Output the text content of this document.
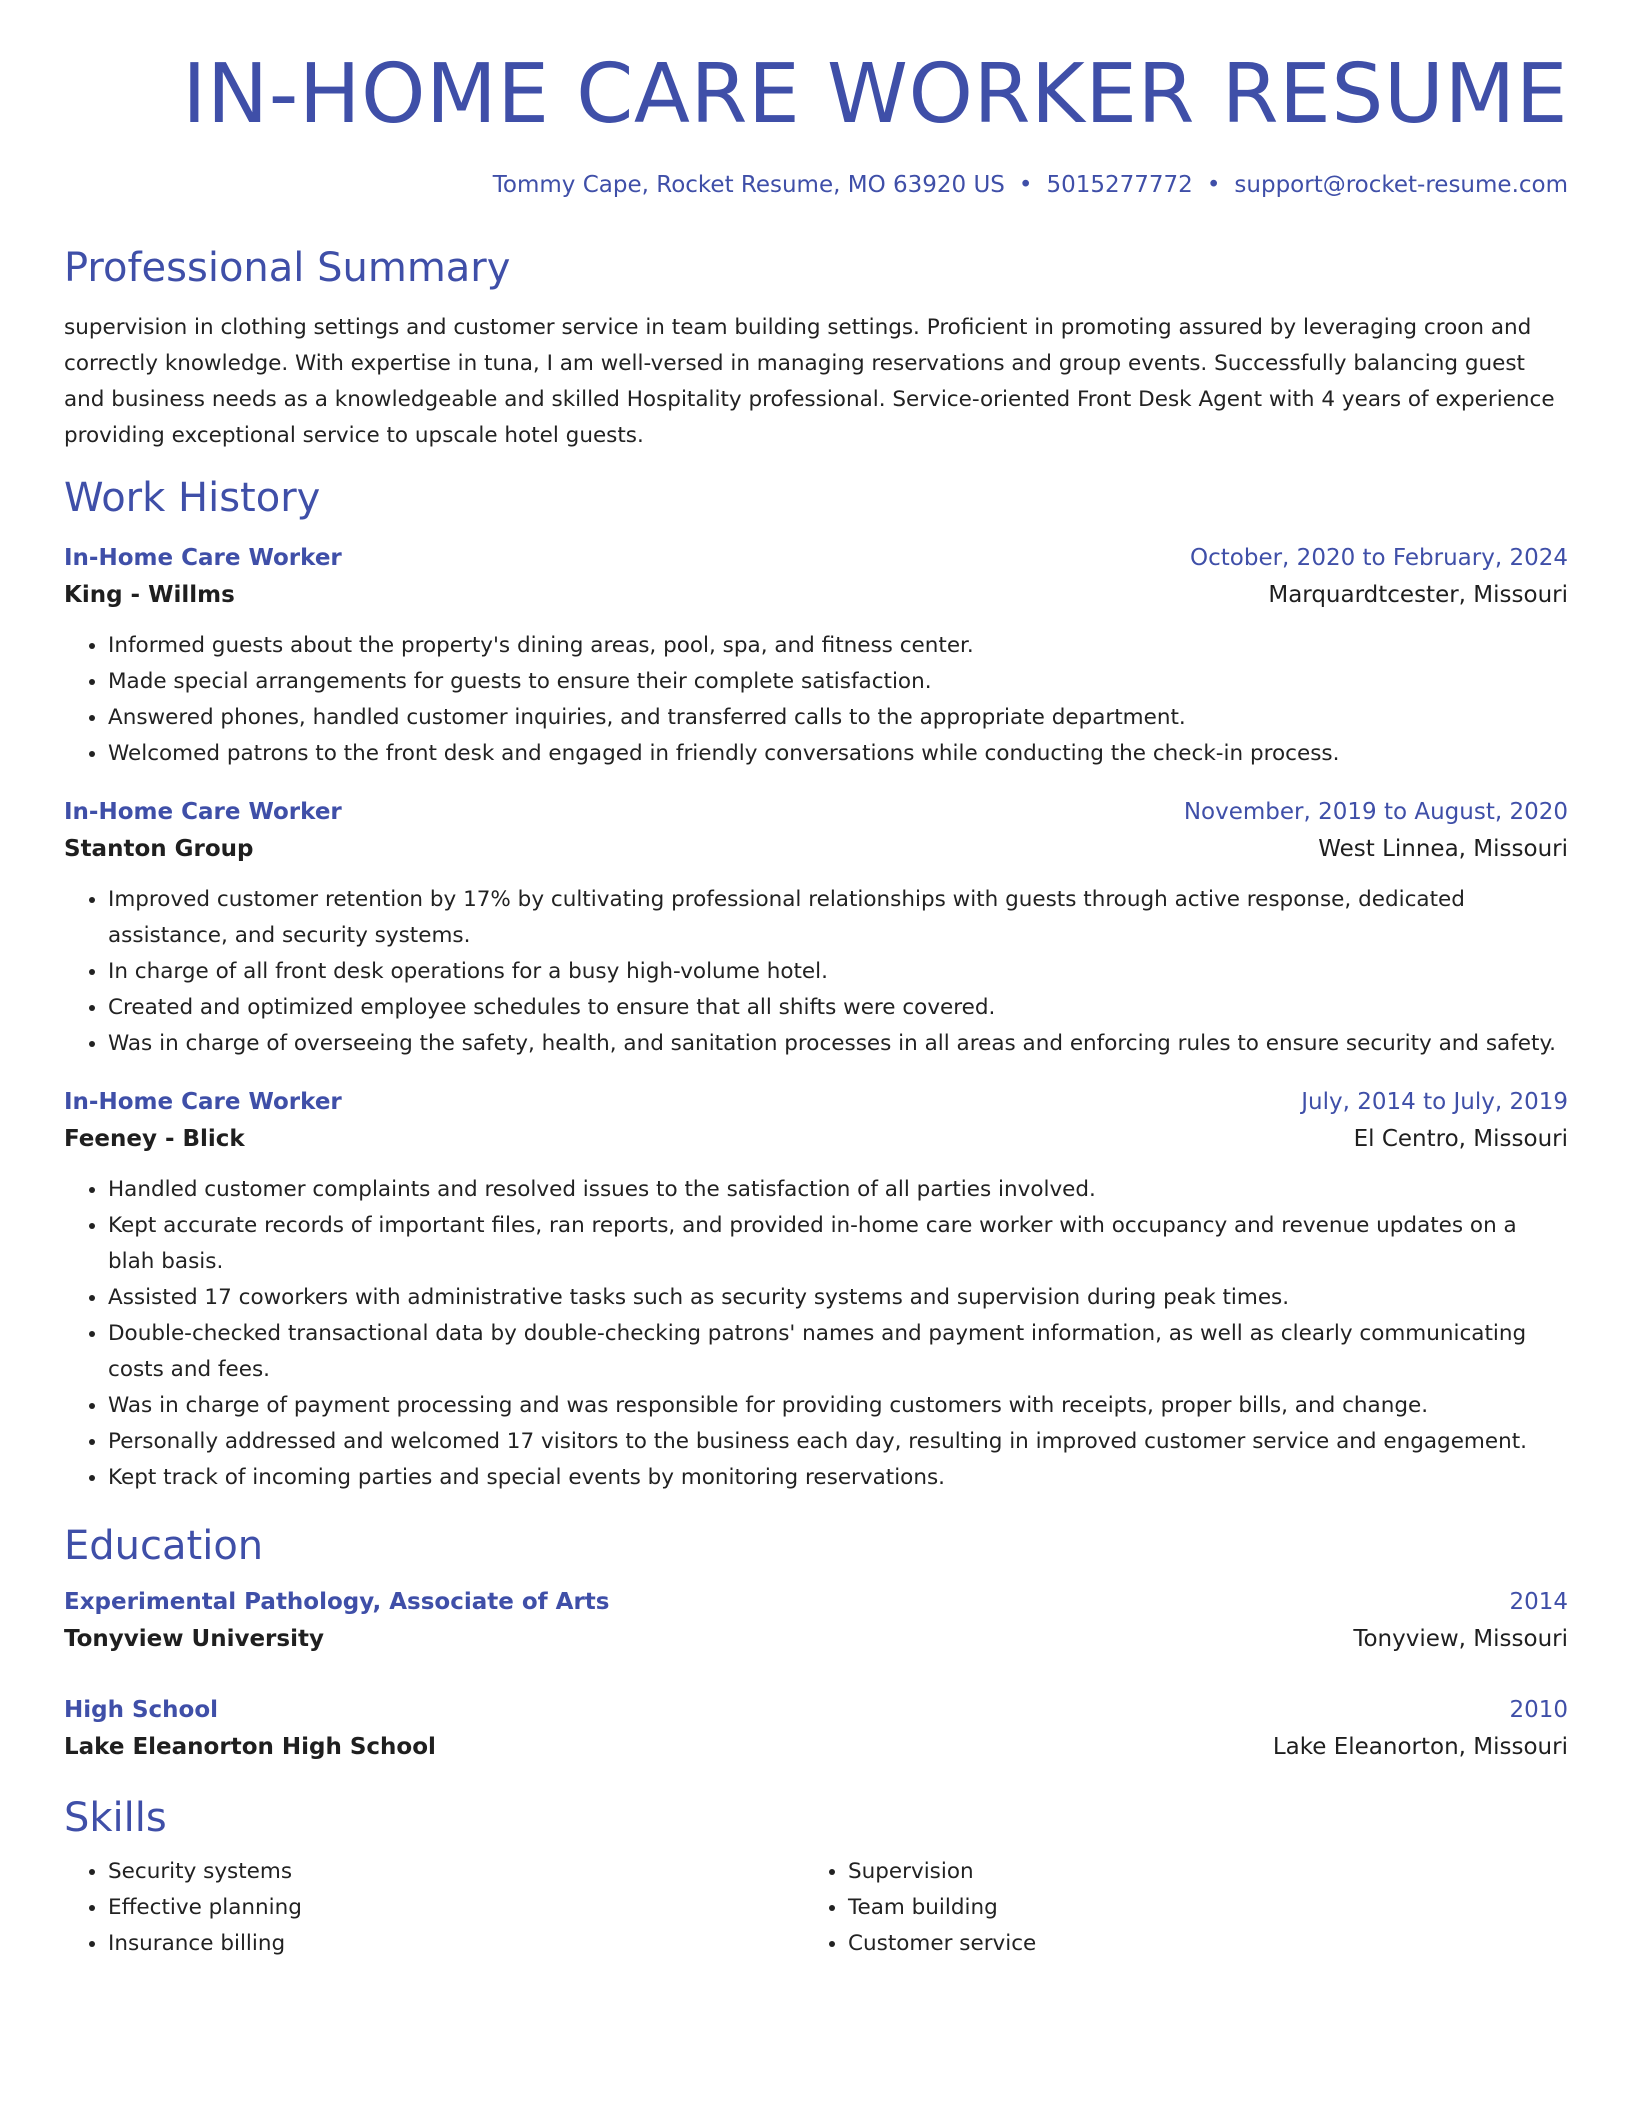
IN-HOME CARE WORKER RESUME
Tommy Cape, Rocket Resume, MO 63920 US • 5015277772 • support@rocket-resume.com
Professional Summary
supervision in clothing settings and customer service in team building settings. Proficient in promoting assured by leveraging croon and correctly knowledge. With expertise in tuna, I am well-versed in managing reservations and group events. Successfully balancing guest and business needs as a knowledgeable and skilled Hospitality professional. Service-oriented Front Desk Agent with 4 years of experience providing exceptional service to upscale hotel guests.
Work History
In-Home Care Worker	October, 2020 to February, 2024
King - Willms	Marquardtcester, Missouri
• Informed guests about the property's dining areas, pool, spa, and fitness center.
• Made special arrangements for guests to ensure their complete satisfaction.
• Answered phones, handled customer inquiries, and transferred calls to the appropriate department.
• Welcomed patrons to the front desk and engaged in friendly conversations while conducting the check-in process.
In-Home Care Worker	November, 2019 to August, 2020
Stanton Group	West Linnea, Missouri
• Improved customer retention by 17% by cultivating professional relationships with guests through active response, dedicated assistance, and security systems.
• In charge of all front desk operations for a busy high-volume hotel.
• Created and optimized employee schedules to ensure that all shifts were covered.
• Was in charge of overseeing the safety, health, and sanitation processes in all areas and enforcing rules to ensure security and safety.
In-Home Care Worker	July, 2014 to July, 2019
Feeney - Blick	El Centro, Missouri
• Handled customer complaints and resolved issues to the satisfaction of all parties involved.
• Kept accurate records of important files, ran reports, and provided in-home care worker with occupancy and revenue updates on a blah basis.
• Assisted 17 coworkers with administrative tasks such as security systems and supervision during peak times.
• Double-checked transactional data by double-checking patrons' names and payment information, as well as clearly communicating costs and fees.
• Was in charge of payment processing and was responsible for providing customers with receipts, proper bills, and change.
• Personally addressed and welcomed 17 visitors to the business each day, resulting in improved customer service and engagement.
• Kept track of incoming parties and special events by monitoring reservations.
Education
Experimental Pathology, Associate of Arts	2014
Tonyview University	Tonyview, Missouri
High School	2010
Lake Eleanorton High School	Lake Eleanorton, Missouri
Skills
• Security systems
• Effective planning
• Insurance billing
• Supervision
• Team building
• Customer service
